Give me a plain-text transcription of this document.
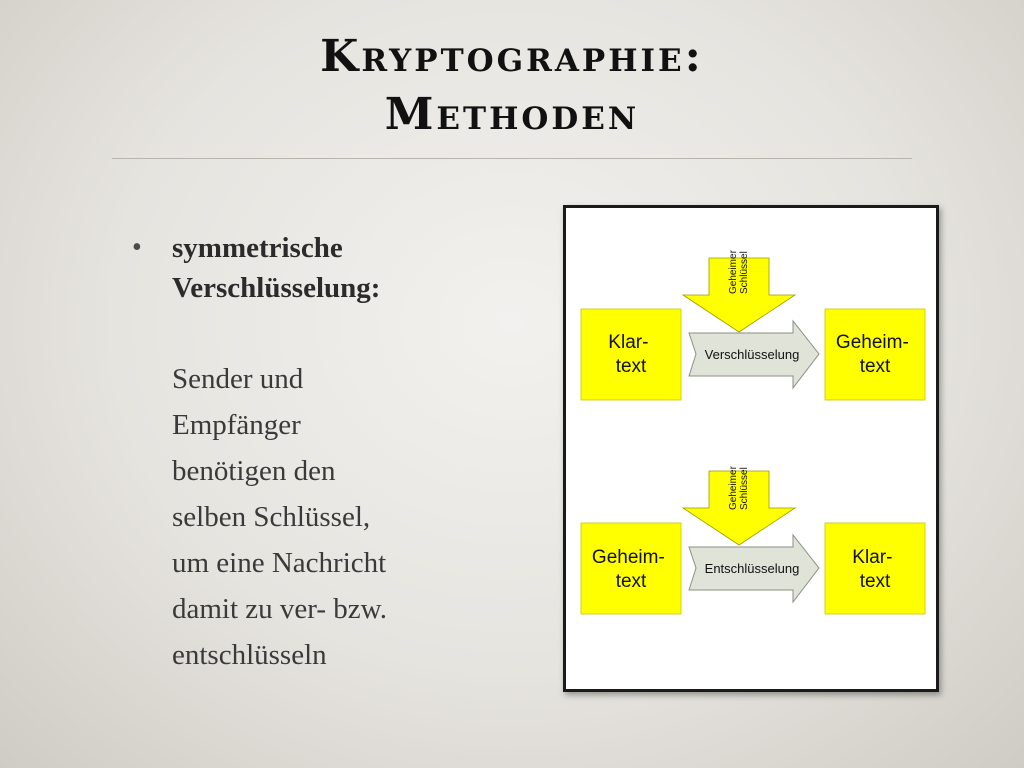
Kryptographie:
Methoden
• symmetrische Verschlüsselung:
Sender und
Empfänger
benötigen den
selben Schlüssel,
um eine Nachricht
damit zu ver- bzw.
entschlüsseln
Geheimer Schlüssel
Klar- text
Verschlüsselung
Geheim- text
Geheimer Schlüssel
Geheim- text
Entschlüsselung
Klar- text
